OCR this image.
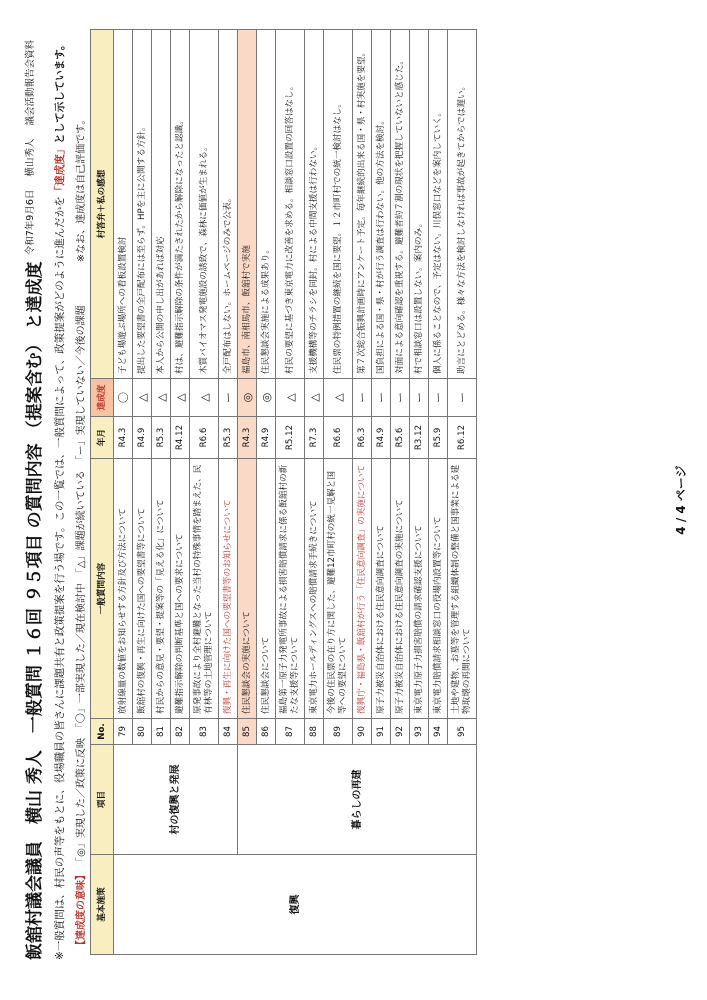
飯舘村議会議員　横山 秀人　一般質問 １６回 ９５項目 の質問内容 （提案含む） と達成度
令和7年9月6日 横山秀人 議会活動報告会資料
※一般質問は、村民の声等をもとに、役場職員の皆さんに課題共有と政策提案を行う場です。この一覧では、一般質問によって、政策提案がどのように進んだかを「達成度」として示しています。
【達成度の意味】 「◎」実現した／政策に反映　「〇」一部実現した／現在検討中　「△」課題が続いている　「ー」実現していない／今後の課題 ※なお、達成度は自己評価です。
基本施策	項目	No.	一般質問内容	年月	達成度	村答弁＋私の感想
復興	村の復興と発展	79	放射線量の数値をお知らせする方針及び方法について	R4.3	〇	子ども場遊ぶ場所への看板設置検討
		80	飯舘村の復興・再生に向けた国への要望書等について	R4.9	△	提出した要望書の全戸配布には至らず。HPを主に公開する方針。
		81	村民からの意見・要望・提案等の「見える化」について	R5.3	△	本人から公開の申し出があれば対応
		82	避難指示解除の判断基準と国への要求について	R4.12	△	村は、避難指示解除の条件が満たされたから解除になったと認識。
		83	原発事故により全村避難となった当村の特殊事情を踏まえた、民有林等の土地管理について	R6.6	△	木質バイオマス発電施設の誘致で、森林に価値が生まれる。
		84	復興・再生に向けた国への要望書等のお知らせについて	R5.3	ー	全戸配布はしない。ホームページのみで公表。
	暮らしの再建	85	住民懇談会の実施について	R4.3	◎	福島市、南相馬市、飯舘村で実施
		86	住民懇談会について	R4.9	◎	住民懇談会実施による成果あり。
		87	福島第一原子力発電所事故による損害賠償請求に係る飯舘村の新たな支援等について	R5.12	△	村民の要望に基づき東京電力に改善を求める。相談窓口設置の回答はなし。
		88	東京電力ホールディングスへの賠償請求手続きについて	R7.3	△	支援機構等のチラシを同封。村による中間支援は行わない。
		89	今後の住民票の在り方に関した、避難12市町村の統一見解と国等への要望について	R6.6	△	住民票の特例措置の継続を国に要望。１２市町村での統一検討はなし。
		90	復興庁・福島県・飯舘村が行う「住民意向調査」の実施について	R6.3	ー	第７次総合振興計画時にアンケート予定。毎年継続的出来る国・県・村実施を要望。
		91	原子力被災自治体における住民意向調査について	R4.9	ー	国負担による国・県・村が行う調査は行わない。他の方法を検討。
		92	原子力被災自治体における住民意向調査の実施について	R5.6	ー	対面による意向確認を重視する。避難者約７割の現状を把握していないと感じた。
		93	東京電力原子力損害賠償の請求確認支援について	R3.12	ー	村で相談窓口は設置しない。案内のみ。
		94	東京電力賠償請求相談窓口の役場内設置等について	R5.9	ー	個人に係ることなので、予定はない。川俣窓口などを案内していく。
		95	土地や建物、お墓等を管理する組織体制の整備と国事業による建物取壊の再開について	R6.12	ー	助言にとどめる。様々な方法を検討しなければ事故が起きてからでは遅い。
4 / 4 ページ
